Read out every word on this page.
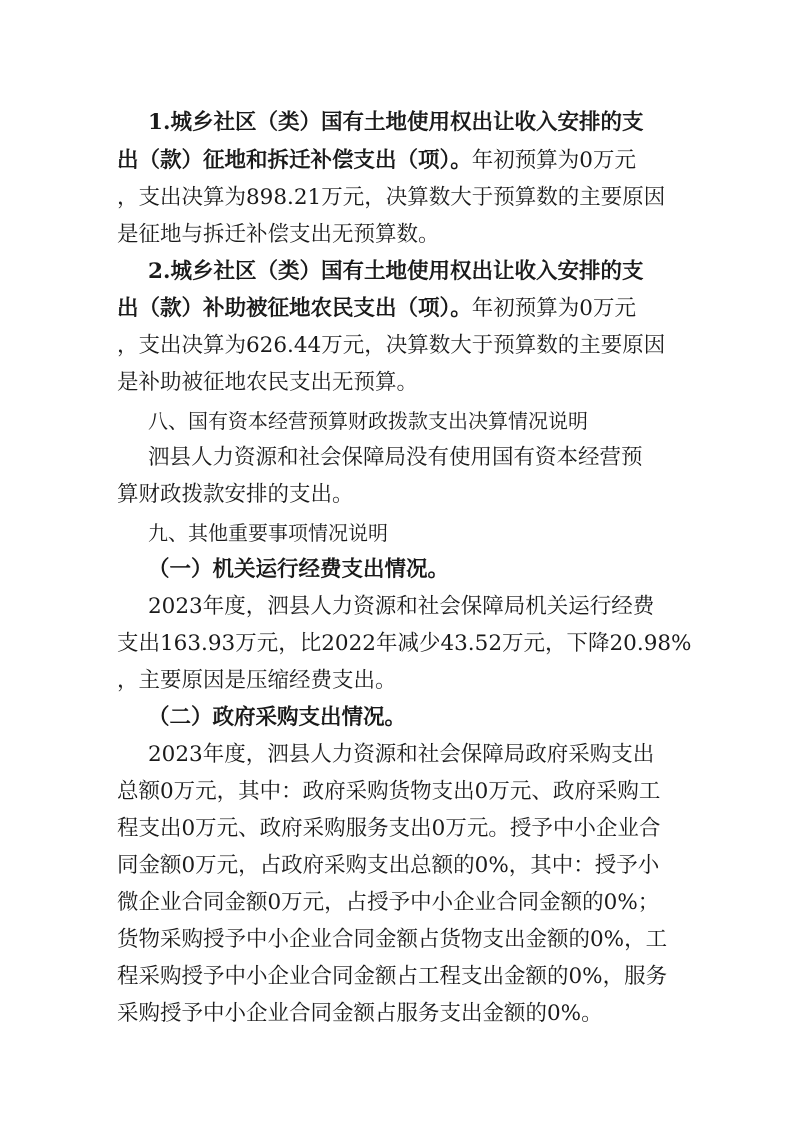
1.城乡社区（类）国有土地使用权出让收入安排的支
出（款）征地和拆迁补偿支出（项）。年初预算为0万元
，支出决算为898.21万元，决算数大于预算数的主要原因
是征地与拆迁补偿支出无预算数。
2.城乡社区（类）国有土地使用权出让收入安排的支
出（款）补助被征地农民支出（项）。年初预算为0万元
，支出决算为626.44万元，决算数大于预算数的主要原因
是补助被征地农民支出无预算。
八、国有资本经营预算财政拨款支出决算情况说明
泗县人力资源和社会保障局没有使用国有资本经营预
算财政拨款安排的支出。
九、其他重要事项情况说明
（一）机关运行经费支出情况。
2023年度，泗县人力资源和社会保障局机关运行经费
支出163.93万元，比2022年减少43.52万元，下降20.98%
，主要原因是压缩经费支出。
（二）政府采购支出情况。
2023年度，泗县人力资源和社会保障局政府采购支出
总额0万元，其中：政府采购货物支出0万元、政府采购工
程支出0万元、政府采购服务支出0万元。授予中小企业合
同金额0万元，占政府采购支出总额的0%，其中：授予小
微企业合同金额0万元，占授予中小企业合同金额的0%；
货物采购授予中小企业合同金额占货物支出金额的0%，工
程采购授予中小企业合同金额占工程支出金额的0%，服务
采购授予中小企业合同金额占服务支出金额的0%。
